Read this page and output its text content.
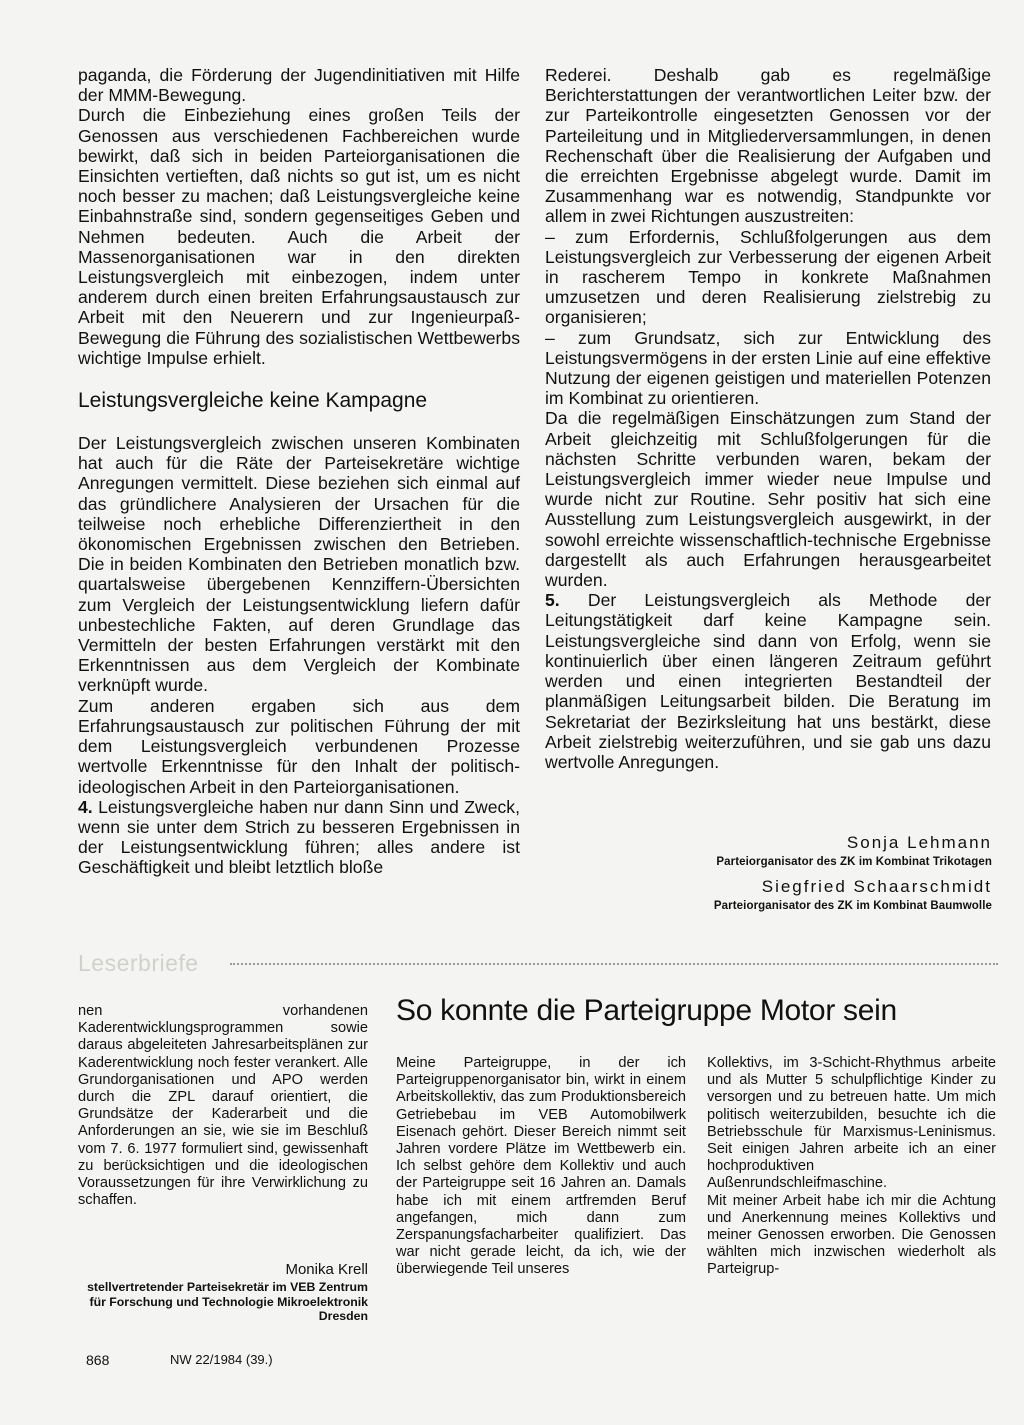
paganda, die Förderung der Jugendinitiativen mit Hilfe der MMM-Bewegung.

Durch die Einbeziehung eines großen Teils der Genossen aus verschiedenen Fachbereichen wurde bewirkt, daß sich in beiden Parteiorganisationen die Einsichten vertieften, daß nichts so gut ist, um es nicht noch besser zu machen; daß Leistungsvergleiche keine Einbahnstraße sind, sondern gegenseitiges Geben und Nehmen bedeuten. Auch die Arbeit der Massenorganisationen war in den direkten Leistungsvergleich mit einbezogen, indem unter anderem durch einen breiten Erfahrungsaustausch zur Arbeit mit den Neuerern und zur Ingenieurpaß-Bewegung die Führung des sozialistischen Wettbewerbs wichtige Impulse erhielt.

Leistungsvergleiche keine Kampagne

Der Leistungsvergleich zwischen unseren Kombinaten hat auch für die Räte der Parteisekretäre wichtige Anregungen vermittelt. Diese beziehen sich einmal auf das gründlichere Analysieren der Ursachen für die teilweise noch erhebliche Differenziertheit in den ökonomischen Ergebnissen zwischen den Betrieben. Die in beiden Kombinaten den Betrieben monatlich bzw. quartalsweise übergebenen Kennziffern-Übersichten zum Vergleich der Leistungsentwicklung liefern dafür unbestechliche Fakten, auf deren Grundlage das Vermitteln der besten Erfahrungen verstärkt mit den Erkenntnissen aus dem Vergleich der Kombinate verknüpft wurde.

Zum anderen ergaben sich aus dem Erfahrungsaustausch zur politischen Führung der mit dem Leistungsvergleich verbundenen Prozesse wertvolle Erkenntnisse für den Inhalt der politisch-ideologischen Arbeit in den Parteiorganisationen.

4. Leistungsvergleiche haben nur dann Sinn und Zweck, wenn sie unter dem Strich zu besseren Ergebnissen in der Leistungsentwicklung führen; alles andere ist Geschäftigkeit und bleibt letztlich bloße

Rederei. Deshalb gab es regelmäßige Berichterstattungen der verantwortlichen Leiter bzw. der zur Parteikontrolle eingesetzten Genossen vor der Parteileitung und in Mitgliederversammlungen, in denen Rechenschaft über die Realisierung der Aufgaben und die erreichten Ergebnisse abgelegt wurde. Damit im Zusammenhang war es notwendig, Standpunkte vor allem in zwei Richtungen auszustreiten:

– zum Erfordernis, Schlußfolgerungen aus dem Leistungsvergleich zur Verbesserung der eigenen Arbeit in rascherem Tempo in konkrete Maßnahmen umzusetzen und deren Realisierung zielstrebig zu organisieren;

– zum Grundsatz, sich zur Entwicklung des Leistungsvermögens in der ersten Linie auf eine effektive Nutzung der eigenen geistigen und materiellen Potenzen im Kombinat zu orientieren.

Da die regelmäßigen Einschätzungen zum Stand der Arbeit gleichzeitig mit Schlußfolgerungen für die nächsten Schritte verbunden waren, bekam der Leistungsvergleich immer wieder neue Impulse und wurde nicht zur Routine. Sehr positiv hat sich eine Ausstellung zum Leistungsvergleich ausgewirkt, in der sowohl erreichte wissenschaftlich-technische Ergebnisse dargestellt als auch Erfahrungen herausgearbeitet wurden.

5. Der Leistungsvergleich als Methode der Leitungstätigkeit darf keine Kampagne sein. Leistungsvergleiche sind dann von Erfolg, wenn sie kontinuierlich über einen längeren Zeitraum geführt werden und einen integrierten Bestandteil der planmäßigen Leitungsarbeit bilden. Die Beratung im Sekretariat der Bezirksleitung hat uns bestärkt, diese Arbeit zielstrebig weiterzuführen, und sie gab uns dazu wertvolle Anregungen.

Sonja Lehmann
Parteiorganisator des ZK im Kombinat Trikotagen
Siegfried Schaarschmidt
Parteiorganisator des ZK im Kombinat Baumwolle
Leserbriefe

nen vorhandenen Kaderentwicklungsprogrammen sowie daraus abgeleiteten Jahresarbeitsplänen zur Kaderentwicklung noch fester verankert. Alle Grundorganisationen und APO werden durch die ZPL darauf orientiert, die Grundsätze der Kaderarbeit und die Anforderungen an sie, wie sie im Beschluß vom 7. 6. 1977 formuliert sind, gewissenhaft zu berücksichtigen und die ideologischen Voraussetzungen für ihre Verwirklichung zu schaffen.

Monika Krell
stellvertretender Parteisekretär im VEB Zentrum für Forschung und Technologie Mikroelektronik Dresden
So konnte die Parteigruppe Motor sein

Meine Parteigruppe, in der ich Parteigruppenorganisator bin, wirkt in einem Arbeitskollektiv, das zum Produktionsbereich Getriebebau im VEB Automobilwerk Eisenach gehört. Dieser Bereich nimmt seit Jahren vordere Plätze im Wettbewerb ein. Ich selbst gehöre dem Kollektiv und auch der Parteigruppe seit 16 Jahren an. Damals habe ich mit einem artfremden Beruf angefangen, mich dann zum Zerspanungsfacharbeiter qualifiziert. Das war nicht gerade leicht, da ich, wie der überwiegende Teil unseres

Kollektivs, im 3-Schicht-Rhythmus arbeite und als Mutter 5 schulpflichtige Kinder zu versorgen und zu betreuen hatte. Um mich politisch weiterzubilden, besuchte ich die Betriebsschule für Marxismus-Leninismus. Seit einigen Jahren arbeite ich an einer hochproduktiven Außenrundschleifmaschine.

Mit meiner Arbeit habe ich mir die Achtung und Anerkennung meines Kollektivs und meiner Genossen erworben. Die Genossen wählten mich inzwischen wiederholt als Parteigrup-

868	NW 22/1984 (39.)
